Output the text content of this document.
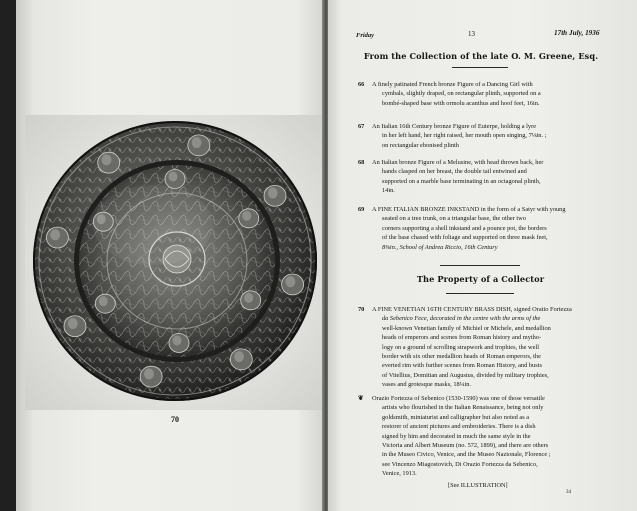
70
Friday	13	17th July, 1936
From the Collection of the late O. M. Greene, Esq.
66	A finely patinated French bronze Figure of a Dancing Girl with
cymbals, slightly draped, on rectangular plinth, supported on a
bombé-shaped base with ormolu acanthus and hoof feet, 16in.
67	An Italian 16th Century bronze Figure of Euterpe, holding a lyre
in her left hand, her right raised, her mouth open singing, 7⅛in. ;
on rectangular ebonised plinth
68	An Italian bronze Figure of a Melusine, with head thrown back, her
hands clasped on her breast, the double tail entwined and
supported on a marble base terminating in an octagonal plinth,
14in.
69	A FINE ITALIAN BRONZE INKSTAND in the form of a Satyr with young
seated on a tree trunk, on a triangular base, the other two
corners supporting a shell inkstand and a pounce pot, the borders
of the base chased with foliage and supported on three mask feet,
8⅝in., School of Andrea Riccio, 16th Century
The Property of a Collector
70	A FINE VENETIAN 16TH CENTURY BRASS DISH, signed Oratio Fortezza
da Sebenico Fece, decorated in the centre with the arms of the
well-known Venetian family of Michiel or Michele, and medallion
heads of emperors and scenes from Roman history and mytho-
logy on a ground of scrolling strapwork and trophies, the well
border with six other medallion heads of Roman emperors, the
everted rim with further scenes from Roman History, and busts
of Vitellius, Domitian and Augustus, divided by military trophies,
vases and grotesque masks, 18¼in.
❦ Orazio Fortezza of Sebenico (1530-1590) was one of those versatile
artists who flourished in the Italian Renaissance, being not only
goldsmith, miniaturist and calligrapher but also noted as a
restorer of ancient pictures and embroideries. There is a dish
signed by him and decorated in much the same style in the
Victoria and Albert Museum (no. 572, 1899), and there are others
in the Museo Civico, Venice, and the Museo Nazionale, Florence ;
see Vincenzo Miagostovich, Di Orazio Fortezza da Sebenico,
Venice, 1913.
[See ILLUSTRATION]
34
